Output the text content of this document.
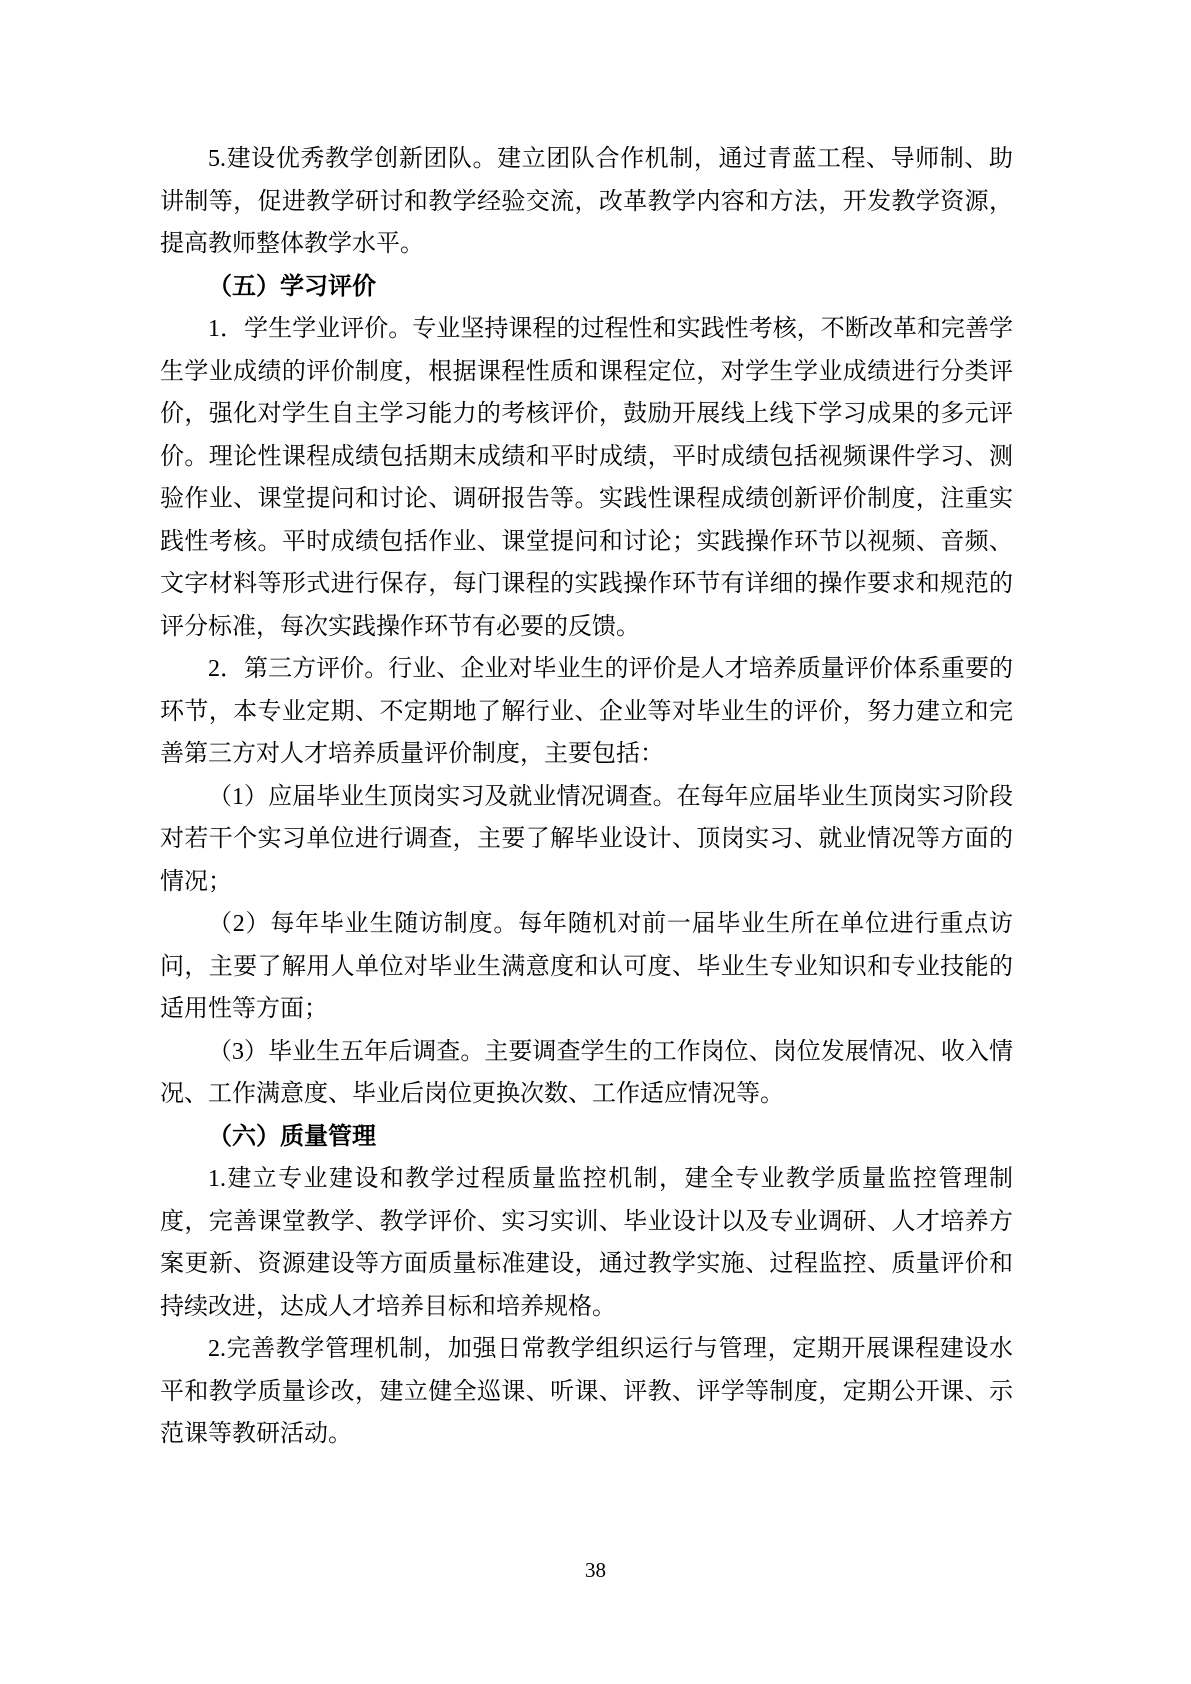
5.建设优秀教学创新团队。建立团队合作机制，通过青蓝工程、导师制、助讲制等，促进教学研讨和教学经验交流，改革教学内容和方法，开发教学资源，提高教师整体教学水平。

（五）学习评价

1．学生学业评价。专业坚持课程的过程性和实践性考核，不断改革和完善学生学业成绩的评价制度，根据课程性质和课程定位，对学生学业成绩进行分类评价，强化对学生自主学习能力的考核评价，鼓励开展线上线下学习成果的多元评价。理论性课程成绩包括期末成绩和平时成绩，平时成绩包括视频课件学习、测验作业、课堂提问和讨论、调研报告等。实践性课程成绩创新评价制度，注重实践性考核。平时成绩包括作业、课堂提问和讨论；实践操作环节以视频、音频、文字材料等形式进行保存，每门课程的实践操作环节有详细的操作要求和规范的评分标准，每次实践操作环节有必要的反馈。

2．第三方评价。行业、企业对毕业生的评价是人才培养质量评价体系重要的环节，本专业定期、不定期地了解行业、企业等对毕业生的评价，努力建立和完善第三方对人才培养质量评价制度，主要包括：

（1）应届毕业生顶岗实习及就业情况调查。在每年应届毕业生顶岗实习阶段对若干个实习单位进行调查，主要了解毕业设计、顶岗实习、就业情况等方面的情况；

（2）每年毕业生随访制度。每年随机对前一届毕业生所在单位进行重点访问，主要了解用人单位对毕业生满意度和认可度、毕业生专业知识和专业技能的适用性等方面；

（3）毕业生五年后调查。主要调查学生的工作岗位、岗位发展情况、收入情况、工作满意度、毕业后岗位更换次数、工作适应情况等。

（六）质量管理

1.建立专业建设和教学过程质量监控机制，建全专业教学质量监控管理制度，完善课堂教学、教学评价、实习实训、毕业设计以及专业调研、人才培养方案更新、资源建设等方面质量标准建设，通过教学实施、过程监控、质量评价和持续改进，达成人才培养目标和培养规格。

2.完善教学管理机制，加强日常教学组织运行与管理，定期开展课程建设水平和教学质量诊改，建立健全巡课、听课、评教、评学等制度，定期公开课、示范课等教研活动。

38
